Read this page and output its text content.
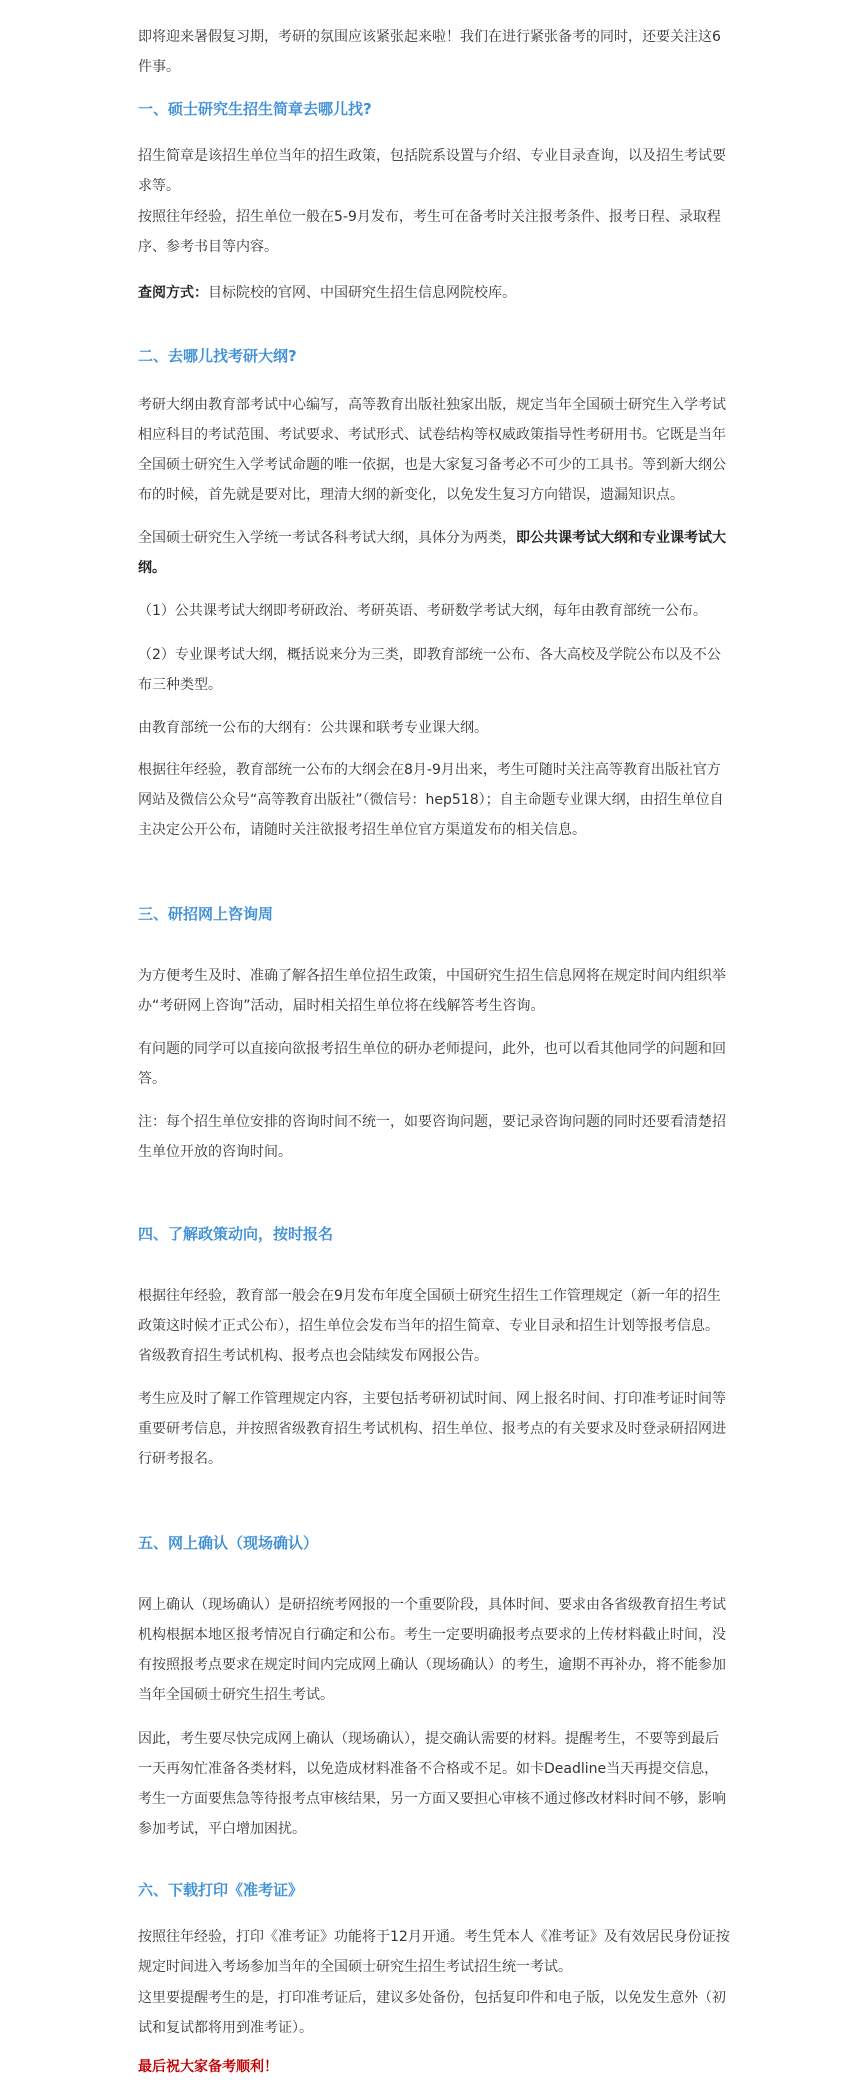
即将迎来暑假复习期，考研的氛围应该紧张起来啦！我们在进行紧张备考的同时，还要关注这6件事。

一、硕士研究生招生简章去哪儿找?

招生简章是该招生单位当年的招生政策，包括院系设置与介绍、专业目录查询，以及招生考试要求等。

按照往年经验，招生单位一般在5-9月发布，考生可在备考时关注报考条件、报考日程、录取程序、参考书目等内容。

查阅方式：目标院校的官网、中国研究生招生信息网院校库。

二、去哪儿找考研大纲?

考研大纲由教育部考试中心编写，高等教育出版社独家出版，规定当年全国硕士研究生入学考试相应科目的考试范围、考试要求、考试形式、试卷结构等权威政策指导性考研用书。它既是当年全国硕士研究生入学考试命题的唯一依据，也是大家复习备考必不可少的工具书。等到新大纲公布的时候，首先就是要对比，理清大纲的新变化，以免发生复习方向错误，遗漏知识点。

全国硕士研究生入学统一考试各科考试大纲，具体分为两类，即公共课考试大纲和专业课考试大纲。

（1）公共课考试大纲即考研政治、考研英语、考研数学考试大纲，每年由教育部统一公布。

（2）专业课考试大纲，概括说来分为三类，即教育部统一公布、各大高校及学院公布以及不公布三种类型。

由教育部统一公布的大纲有：公共课和联考专业课大纲。

根据往年经验，教育部统一公布的大纲会在8月-9月出来，考生可随时关注高等教育出版社官方网站及微信公众号“高等教育出版社”（微信号：hep518）；自主命题专业课大纲，由招生单位自主决定公开公布，请随时关注欲报考招生单位官方渠道发布的相关信息。

三、研招网上咨询周

为方便考生及时、准确了解各招生单位招生政策，中国研究生招生信息网将在规定时间内组织举办“考研网上咨询”活动，届时相关招生单位将在线解答考生咨询。

有问题的同学可以直接向欲报考招生单位的研办老师提问，此外，也可以看其他同学的问题和回答。

注：每个招生单位安排的咨询时间不统一，如要咨询问题，要记录咨询问题的同时还要看清楚招生单位开放的咨询时间。

四、了解政策动向，按时报名

根据往年经验，教育部一般会在9月发布年度全国硕士研究生招生工作管理规定（新一年的招生政策这时候才正式公布），招生单位会发布当年的招生简章、专业目录和招生计划等报考信息。省级教育招生考试机构、报考点也会陆续发布网报公告。

考生应及时了解工作管理规定内容，主要包括考研初试时间、网上报名时间、打印准考证时间等重要研考信息，并按照省级教育招生考试机构、招生单位、报考点的有关要求及时登录研招网进行研考报名。

五、网上确认（现场确认）

网上确认（现场确认）是研招统考网报的一个重要阶段，具体时间、要求由各省级教育招生考试机构根据本地区报考情况自行确定和公布。考生一定要明确报考点要求的上传材料截止时间，没有按照报考点要求在规定时间内完成网上确认（现场确认）的考生，逾期不再补办，将不能参加当年全国硕士研究生招生考试。

因此，考生要尽快完成网上确认（现场确认），提交确认需要的材料。提醒考生，不要等到最后一天再匆忙准备各类材料，以免造成材料准备不合格或不足。如卡Deadline当天再提交信息，考生一方面要焦急等待报考点审核结果，另一方面又要担心审核不通过修改材料时间不够，影响参加考试，平白增加困扰。

六、下载打印《准考证》

按照往年经验，打印《准考证》功能将于12月开通。考生凭本人《准考证》及有效居民身份证按规定时间进入考场参加当年的全国硕士研究生招生考试招生统一考试。

这里要提醒考生的是，打印准考证后，建议多处备份，包括复印件和电子版，以免发生意外（初试和复试都将用到准考证）。

最后祝大家备考顺利！
